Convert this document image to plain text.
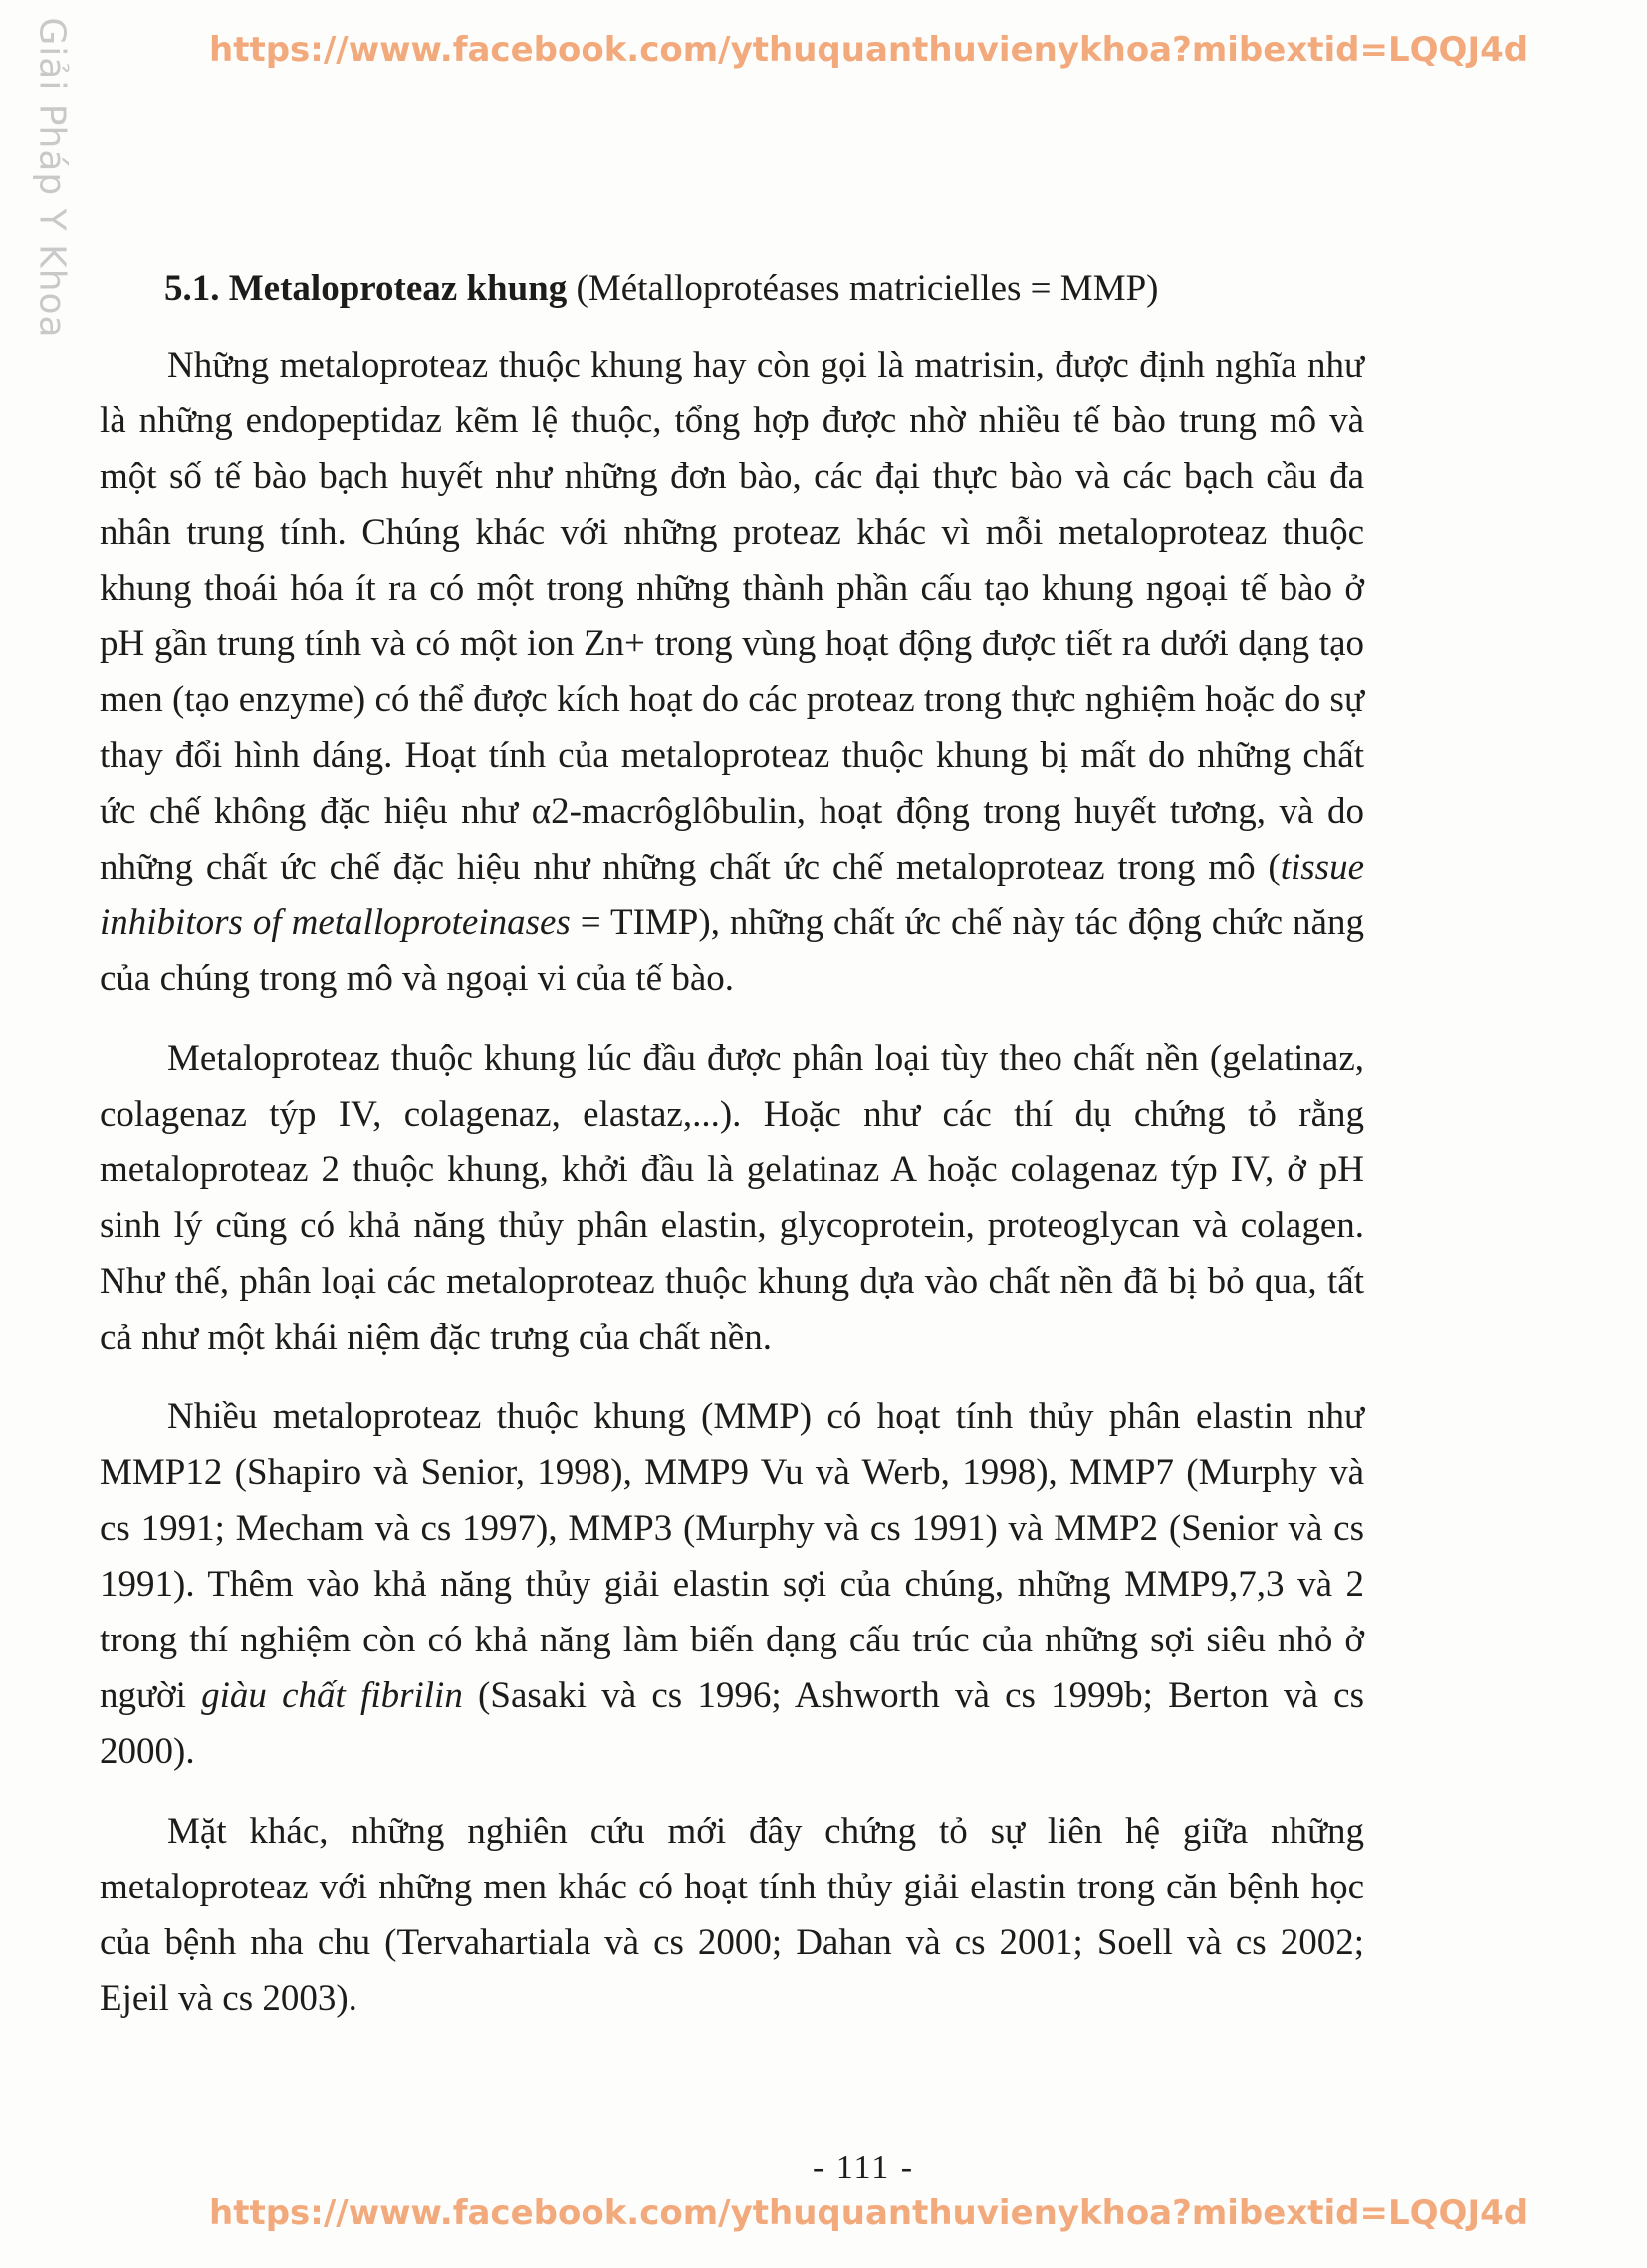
Giải Pháp Y Khoa	https://www.facebook.com/ythuquanthuvienykhoa?mibextid=LQQJ4d
5.1. Metaloproteaz khung (Métalloprotéases matricielles = MMP)

Những metaloproteaz thuộc khung hay còn gọi là matrisin, được định nghĩa như là những endopeptidaz kẽm lệ thuộc, tổng hợp được nhờ nhiều tế bào trung mô và một số tế bào bạch huyết như những đơn bào, các đại thực bào và các bạch cầu đa nhân trung tính. Chúng khác với những proteaz khác vì mỗi metaloproteaz thuộc khung thoái hóa ít ra có một trong những thành phần cấu tạo khung ngoại tế bào ở pH gần trung tính và có một ion Zn+ trong vùng hoạt động được tiết ra dưới dạng tạo men (tạo enzyme) có thể được kích hoạt do các proteaz trong thực nghiệm hoặc do sự thay đổi hình dáng. Hoạt tính của metaloproteaz thuộc khung bị mất do những chất ức chế không đặc hiệu như α2-macrôglôbulin, hoạt động trong huyết tương, và do những chất ức chế đặc hiệu như những chất ức chế metaloproteaz trong mô (tissue inhibitors of metalloproteinases = TIMP), những chất ức chế này tác động chức năng của chúng trong mô và ngoại vi của tế bào.

Metaloproteaz thuộc khung lúc đầu được phân loại tùy theo chất nền (gelatinaz, colagenaz týp IV, colagenaz, elastaz,...). Hoặc như các thí dụ chứng tỏ rằng metaloproteaz 2 thuộc khung, khởi đầu là gelatinaz A hoặc colagenaz týp IV, ở pH sinh lý cũng có khả năng thủy phân elastin, glycoprotein, proteoglycan và colagen. Như thế, phân loại các metaloproteaz thuộc khung dựa vào chất nền đã bị bỏ qua, tất cả như một khái niệm đặc trưng của chất nền.

Nhiều metaloproteaz thuộc khung (MMP) có hoạt tính thủy phân elastin như MMP12 (Shapiro và Senior, 1998), MMP9 Vu và Werb, 1998), MMP7 (Murphy và cs 1991; Mecham và cs 1997), MMP3 (Murphy và cs 1991) và MMP2 (Senior và cs 1991). Thêm vào khả năng thủy giải elastin sợi của chúng, những MMP9,7,3 và 2 trong thí nghiệm còn có khả năng làm biến dạng cấu trúc của những sợi siêu nhỏ ở người giàu chất fibrilin (Sasaki và cs 1996; Ashworth và cs 1999b; Berton và cs 2000).

Mặt khác, những nghiên cứu mới đây chứng tỏ sự liên hệ giữa những metaloproteaz với những men khác có hoạt tính thủy giải elastin trong căn bệnh học của bệnh nha chu (Tervahartiala và cs 2000; Dahan và cs 2001; Soell và cs 2002; Ejeil và cs 2003).

- 111 -
https://www.facebook.com/ythuquanthuvienykhoa?mibextid=LQQJ4d
